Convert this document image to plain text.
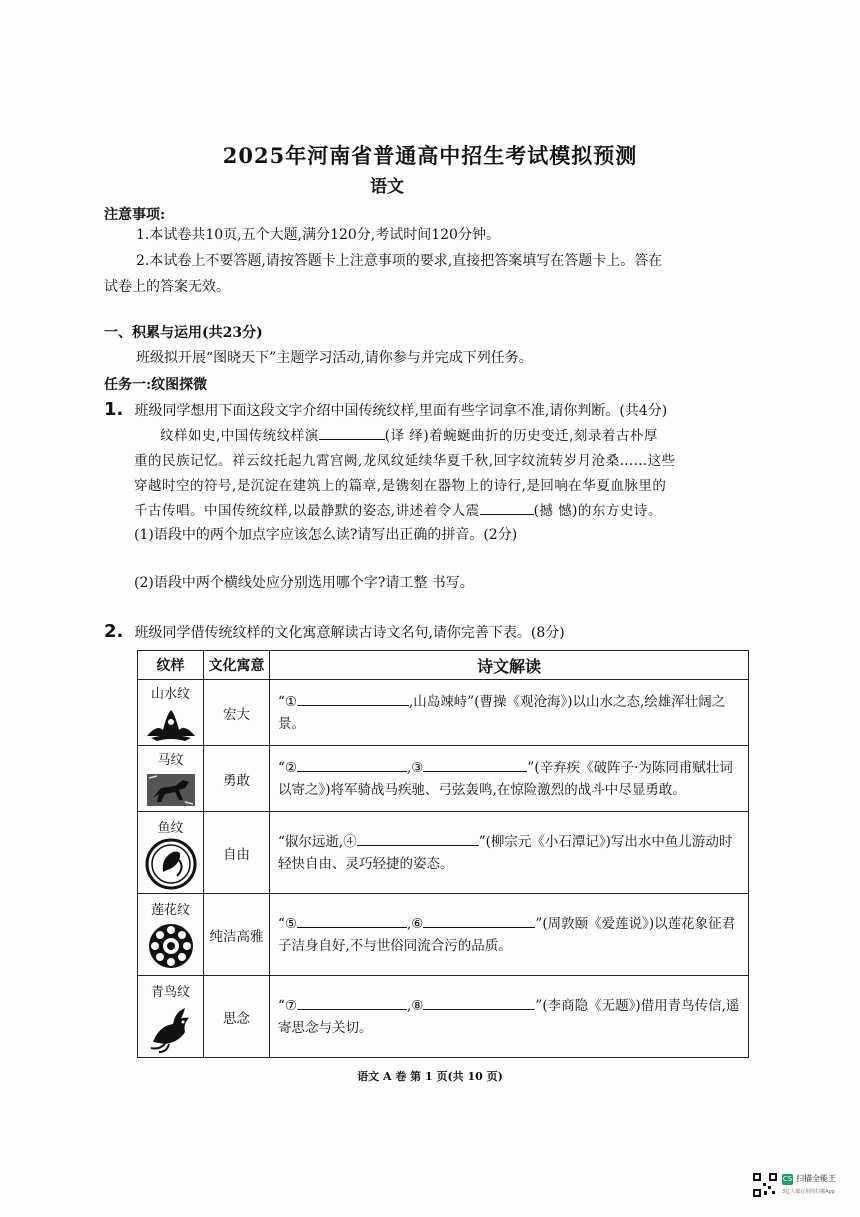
2025年河南省普通高中招生考试模拟预测
语文
注意事项:
1.本试卷共10页,五个大题,满分120分,考试时间120分钟。
2.本试卷上不要答题,请按答题卡上注意事项的要求,直接把答案填写在答题卡上。答在
试卷上的答案无效。
一、积累与运用(共23分)
班级拟开展“图晓天下”主题学习活动,请你参与并完成下列任务。
任务一:纹图探微
1. 班级同学想用下面这段文字介绍中国传统纹样,里面有些字词拿不准,请你判断。(共4分)
纹样如史,中国传统纹样演	(译 绎)着蜿蜒曲折的历史变迁,刻录着古朴厚
重的民族记忆。祥云纹托起九霄宫阙,龙凤纹延续华夏千秋,回字纹流转岁月沧桑……这些
穿越时空的符号,是沉淀在建筑上的篇章,是镌刻在器物上的诗行,是回响在华夏血脉里的
千古传唱。中国传统纹样,以最静默的姿态,讲述着令人震	(撼 憾)的东方史诗。
(1)语段中的两个加点字应该怎么读?请写出正确的拼音。(2分)
(2)语段中两个横线处应分别选用哪个字?请工整 书写。
2. 班级同学借传统纹样的文化寓意解读古诗文名句,请你完善下表。(8分)
纹样	文化寓意	诗文解读

山水纹	宏大	“① ,山岛竦峙”(曹操《观沧海》)以山水之态,绘雄浑壮阔之景。

马纹	勇敢	“② ,③ ”(辛弃疾《破阵子·为陈同甫赋壮词以寄之》)将军骑战马疾驰、弓弦轰鸣,在惊险激烈的战斗中尽显勇敢。

鱼纹	自由	“俶尔远逝,④ ”(柳宗元《小石潭记》)写出水中鱼儿游动时轻快自由、灵巧轻捷的姿态。

莲花纹	纯洁高雅	“⑤ ,⑥ ”(周敦颐《爱莲说》)以莲花象征君子洁身自好,不与世俗同流合污的品质。

青鸟纹	思念	“⑦ ,⑧ ”(李商隐《无题》)借用青鸟传信,遥寄思念与关切。
语文 A 卷 第 1 页(共 10 页)
CS 扫描全能王
3亿人都在用的扫描App
